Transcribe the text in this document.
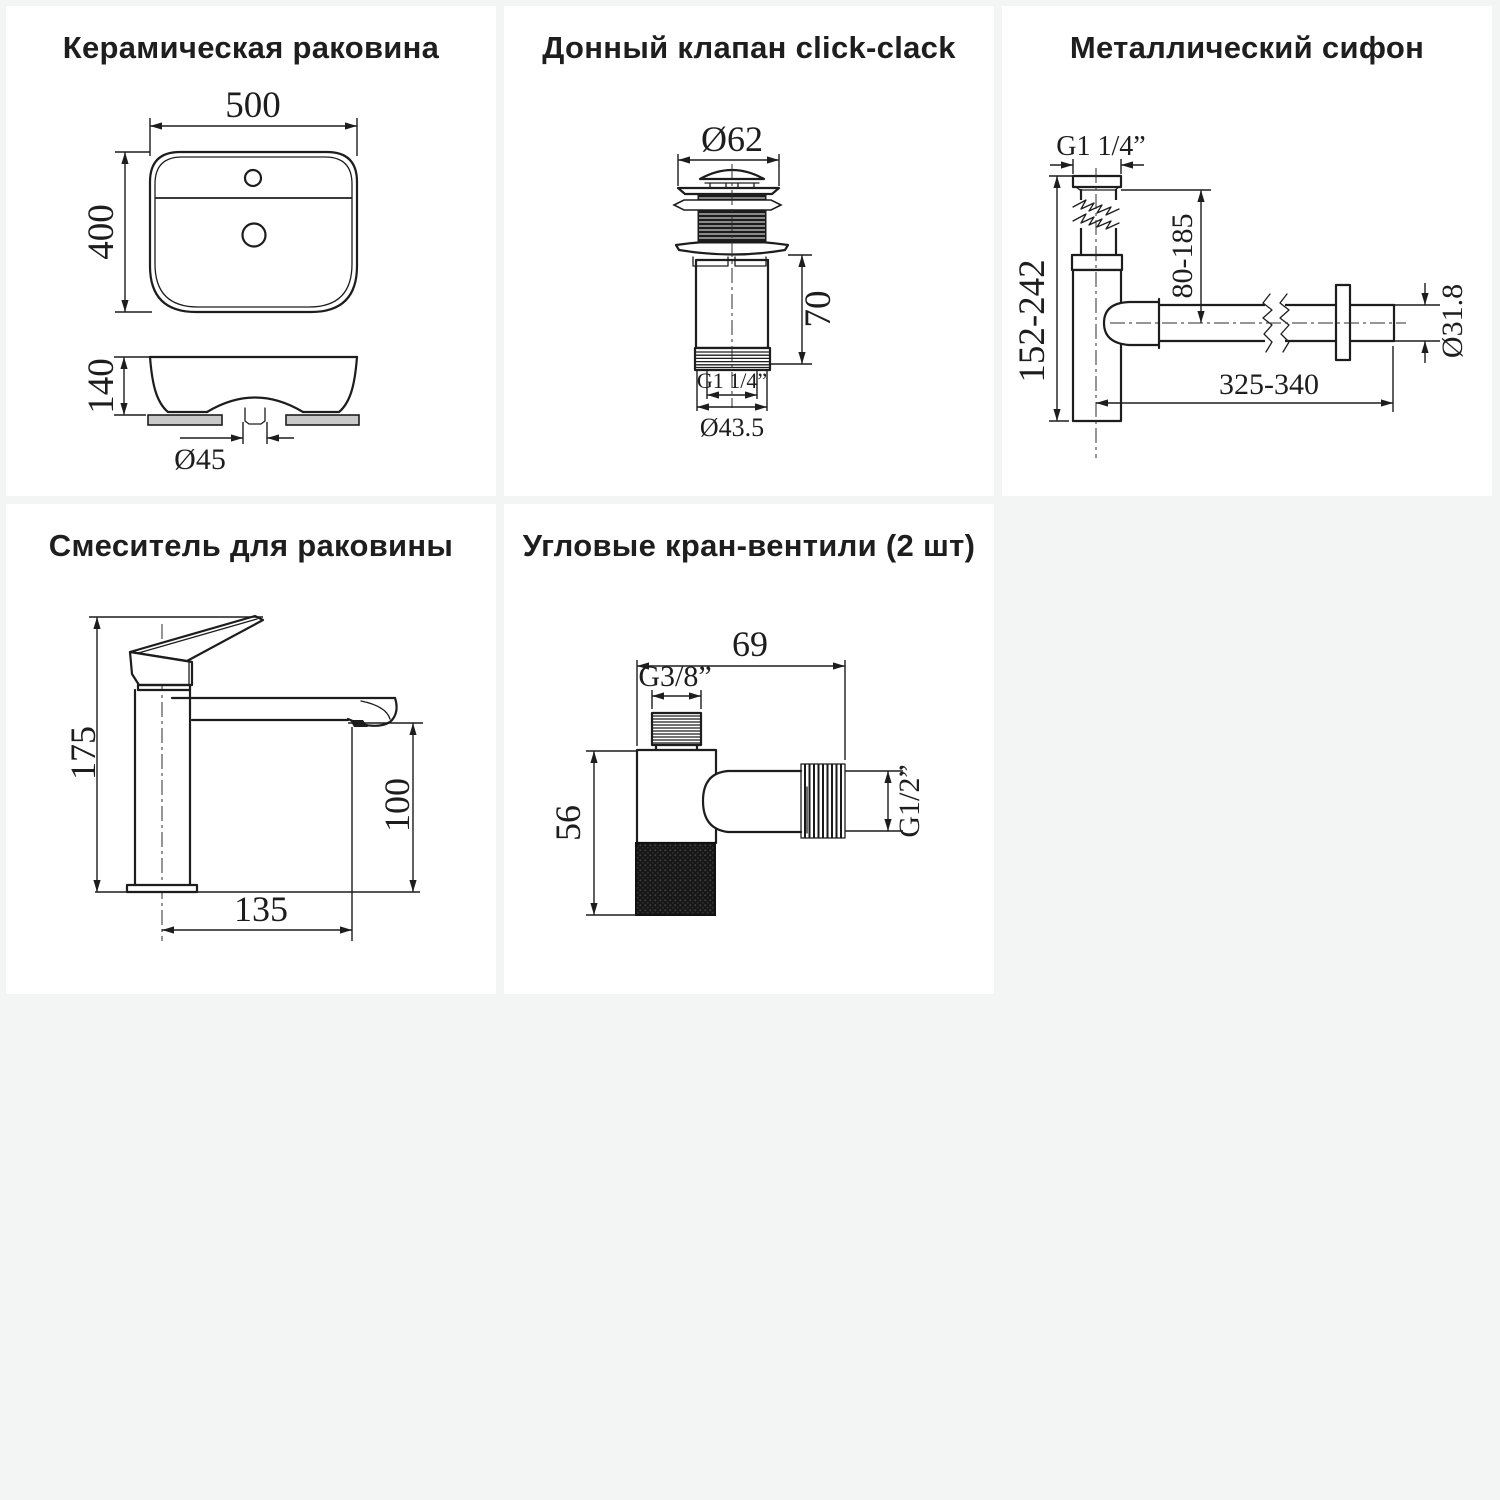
Керамическая раковина
500
400
140
Ø45
Донный клапан click-clack
Ø62
70
G1 1/4”
Ø43.5
Металлический сифон
G1 1/4”
152-242
80-185
Ø31.8
325-340
Смеситель для раковины
175
100
135
Угловые кран-вентили (2 шт)
69
G3/8”
56	G1/2”
